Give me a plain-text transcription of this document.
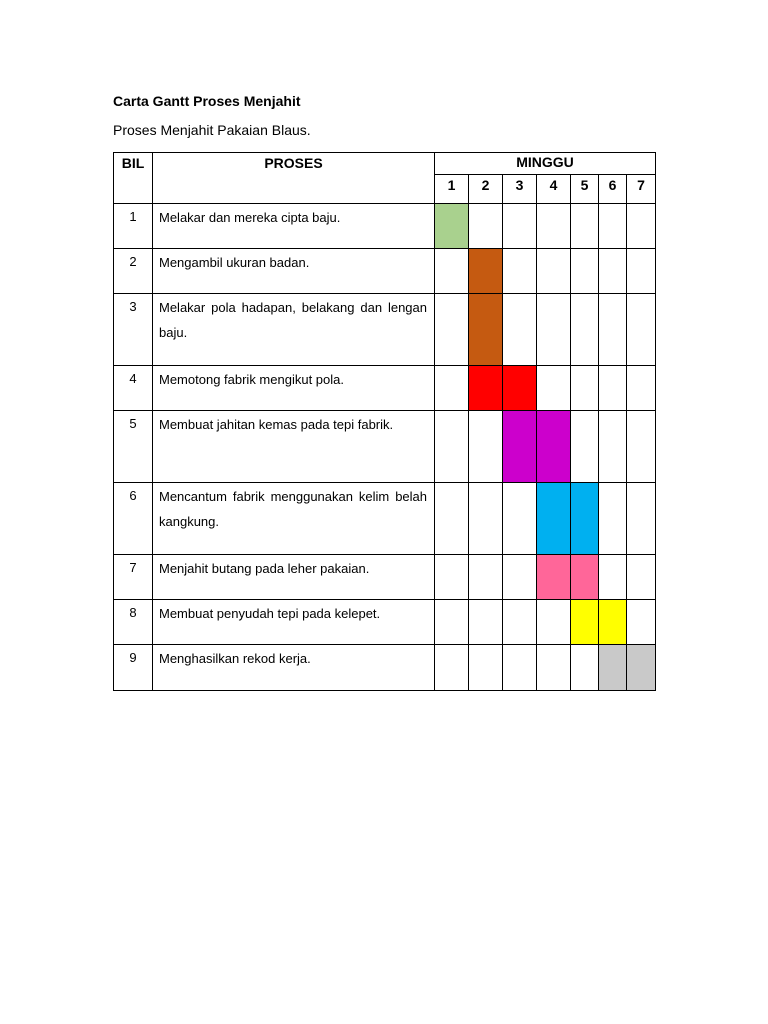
Carta Gantt Proses Menjahit
Proses Menjahit Pakaian Blaus.
BIL	PROSES	MINGGU						
		1	2	3	4	5	6	7
1	Melakar dan mereka cipta baju.							

2	Mengambil ukuran badan.							

3	Melakar pola hadapan, belakang dan lengan baju.							

4	Memotong fabrik mengikut pola.							

5	Membuat jahitan kemas pada tepi fabrik.							

6	Mencantum fabrik menggunakan kelim belah kangkung.							

7	Menjahit butang pada leher pakaian.							

8	Membuat penyudah tepi pada kelepet.							

9	Menghasilkan rekod kerja.							
